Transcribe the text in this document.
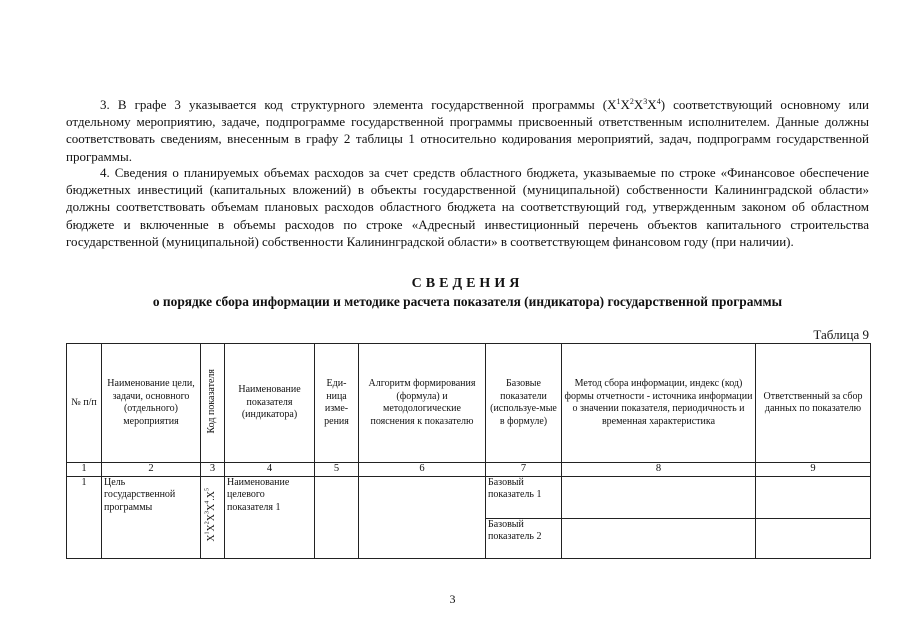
3. В графе 3 указывается код структурного элемента государственной программы $(X^1X^2X^3X^4)$ соответствующий основному или отдельному мероприятию, задаче, подпрограмме государственной программы присвоенный ответственным исполнителем. Данные должны соответствовать сведениям, внесенным в графу 2 таблицы 1 относительно кодирования мероприятий, задач, подпрограмм государственной программы.

4. Сведения о планируемых объемах расходов за счет средств областного бюджета, указываемые по строке «Финансовое обеспечение бюджетных инвестиций (капитальных вложений) в объекты государственной (муниципальной) собственности Калининградской области» должны соответствовать объемам плановых расходов областного бюджета на соответствующий год, утвержденным законом об областном бюджете и включенные в объемы расходов по строке «Адресный инвестиционный перечень объектов капитального строительства государственной (муниципальной) собственности Калининградской области» в соответствующем финансовом году (при наличии).

СВЕДЕНИЯ

о порядке сбора информации и методике расчета показателя (индикатора) государственной программы

Таблица 9
№ п/п	Наименование цели, задачи, основного (отдельного) мероприятия	Код показателя	Наименование показателя (индикатора)	Еди-ница изме-рения	Алгоритм формирования (формула) и методологические пояснения к показателю	Базовые показатели (используе-мые в формуле)	Метод сбора информации, индекс (код) формы отчетности - источника информации о значении показателя, периодичность и временная характеристика	Ответственный за сбор данных по показателю
1	2	3	4	5	6	7	8	9
1	Цель государственной программы	$X^1X^2X^3X^4.X^5$	Наименование целевого показателя 1			Базовый показатель 1		
						Базовый показатель 2		
3
